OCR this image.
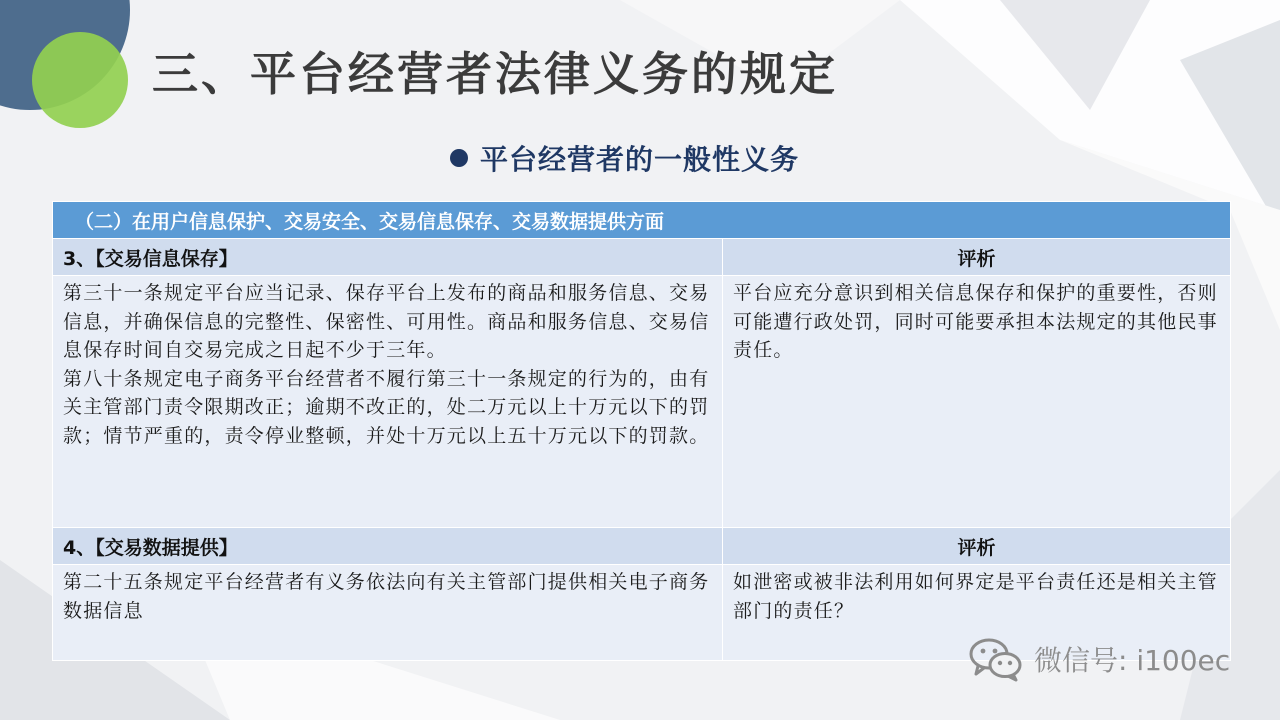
三、平台经营者法律义务的规定
平台经营者的一般性义务
（二）在用户信息保护、交易安全、交易信息保存、交易数据提供方面	
3、【交易信息保存】	评析

第三十一条规定平台应当记录、保存平台上发布的商品和服务信息、交易信息，并确保信息的完整性、保密性、可用性。商品和服务信息、交易信息保存时间自交易完成之日起不少于三年。
第八十条规定电子商务平台经营者不履行第三十一条规定的行为的，由有关主管部门责令限期改正；逾期不改正的，处二万元以上十万元以下的罚款；情节严重的，责令停业整顿，并处十万元以上五十万元以下的罚款。	平台应充分意识到相关信息保存和保护的重要性，否则可能遭行政处罚，同时可能要承担本法规定的其他民事责任。
4、【交易数据提供】	评析

第二十五条规定平台经营者有义务依法向有关主管部门提供相关电子商务数据信息	如泄密或被非法利用如何界定是平台责任还是相关主管部门的责任？
微信号: i100ec
